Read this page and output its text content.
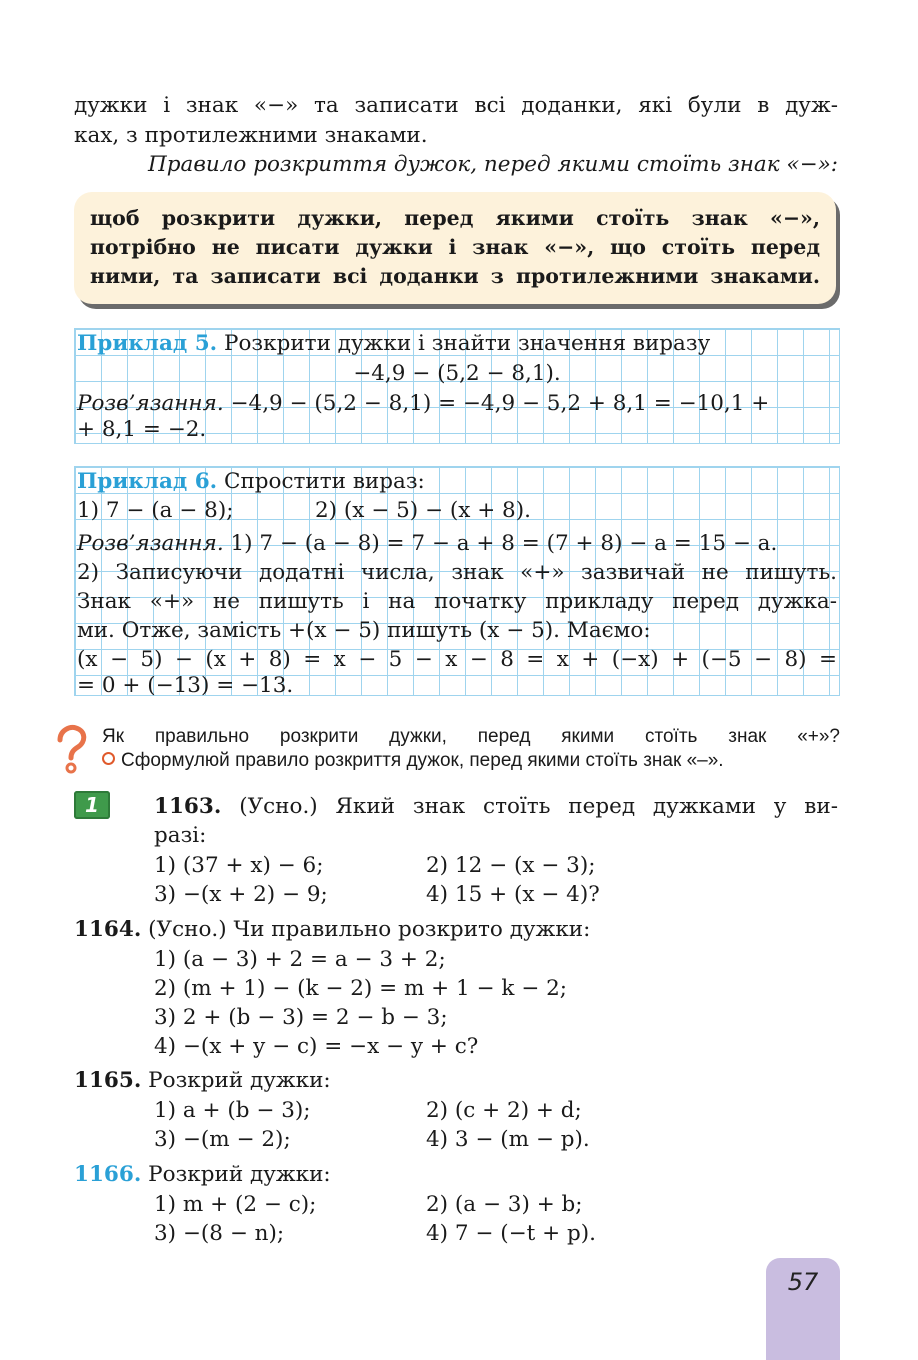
дужки і знак «−» та записати всі доданки, які були в дуж-
ках, з протилежними знаками.
Правило розкриття дужок, перед якими стоїть знак «−»:
щоб розкрити дужки, перед якими стоїть знак «−»,
потрібно не писати дужки і знак «−», що стоїть перед
ними, та записати всі доданки з протилежними знаками.
Приклад 5. Розкрити дужки і знайти значення виразу
−4,9 − (5,2 − 8,1).
Розв’язання. −4,9 − (5,2 − 8,1) = −4,9 − 5,2 + 8,1 = −10,1 +
+ 8,1 = −2.
Приклад 6. Спростити вираз:
1) 7 − (a − 8);	2) (x − 5) − (x + 8).
Розв’язання. 1) 7 − (a − 8) = 7 − a + 8 = (7 + 8) − a = 15 − a.
2) Записуючи додатні числа, знак «+» зазвичай не пишуть.
Знак «+» не пишуть і на початку прикладу перед дужка-
ми. Отже, замість +(x − 5) пишуть (x − 5). Маємо:
(x − 5) − (x + 8) = x − 5 − x − 8 = x + (−x) + (−5 − 8) =
= 0 + (−13) = −13.
Як правильно розкрити дужки, перед якими стоїть знак «+»?
Сформулюй правило розкриття дужок, перед якими стоїть знак «–».
1	1163. (Усно.) Який знак стоїть перед дужками у ви-
разі:
1) (37 + x) − 6;	2) 12 − (x − 3);
3) −(x + 2) − 9;	4) 15 + (x − 4)?
1164. (Усно.) Чи правильно розкрито дужки:
1) (a − 3) + 2 = a − 3 + 2;
2) (m + 1) − (k − 2) = m + 1 − k − 2;
3) 2 + (b − 3) = 2 − b − 3;
4) −(x + y − c) = −x − y + c?
1165. Розкрий дужки:
1) a + (b − 3);	2) (c + 2) + d;
3) −(m − 2);	4) 3 − (m − p).
1166. Розкрий дужки:
1) m + (2 − c);	2) (a − 3) + b;
3) −(8 − n);	4) 7 − (−t + p).
57
